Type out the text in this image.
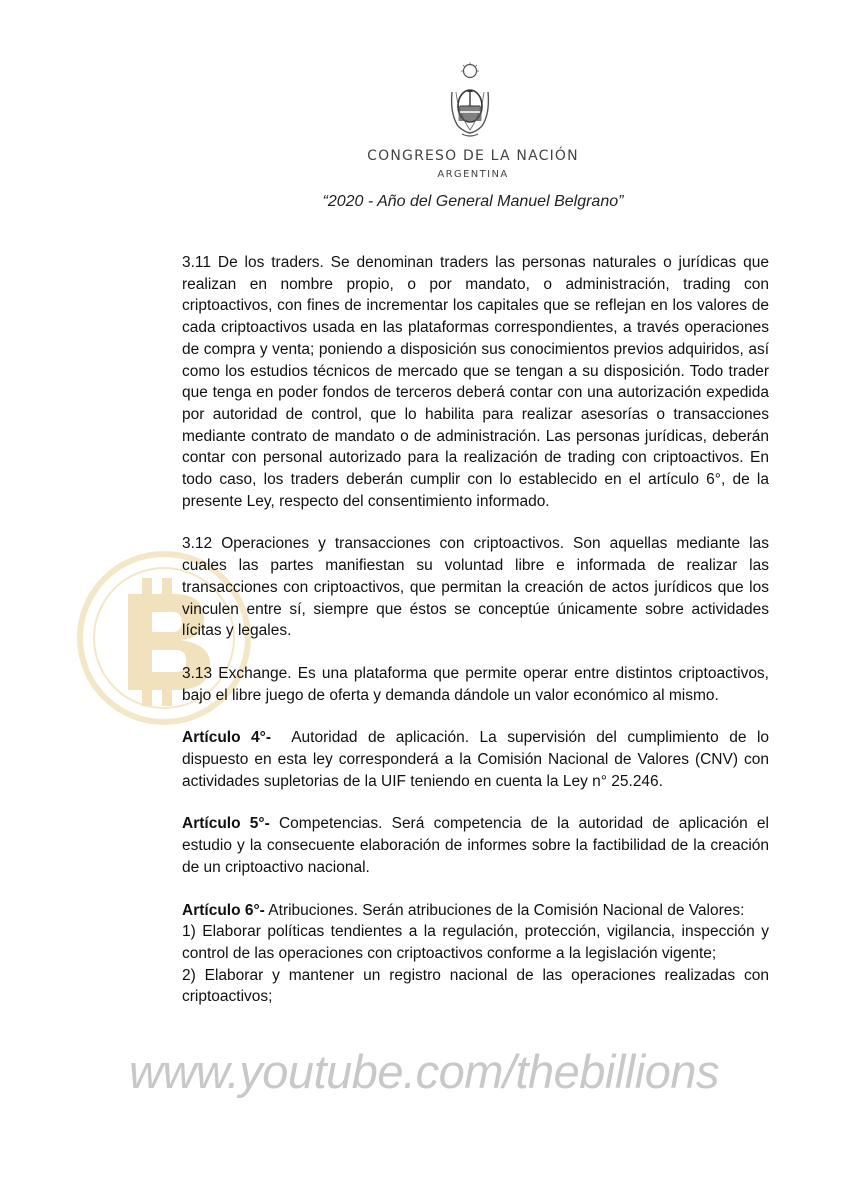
CONGRESO DE LA NACIÓN
ARGENTINA
“2020 - Año del General Manuel Belgrano”

3.11 De los traders. Se denominan traders las personas naturales o jurídicas que realizan en nombre propio, o por mandato, o administración, trading con criptoactivos, con fines de incrementar los capitales que se reflejan en los valores de cada criptoactivos usada en las plataformas correspondientes, a través operaciones de compra y venta; poniendo a disposición sus conocimientos previos adquiridos, así como los estudios técnicos de mercado que se tengan a su disposición. Todo trader que tenga en poder fondos de terceros deberá contar con una autorización expedida por autoridad de control, que lo habilita para realizar asesorías o transacciones mediante contrato de mandato o de administración. Las personas jurídicas, deberán contar con personal autorizado para la realización de trading con criptoactivos. En todo caso, los traders deberán cumplir con lo establecido en el artículo 6°, de la presente Ley, respecto del consentimiento informado.

3.12 Operaciones y transacciones con criptoactivos. Son aquellas mediante las cuales las partes manifiestan su voluntad libre e informada de realizar las transacciones con criptoactivos, que permitan la creación de actos jurídicos que los vinculen entre sí, siempre que éstos se conceptúe únicamente sobre actividades lícitas y legales.

3.13 Exchange. Es una plataforma que permite operar entre distintos criptoactivos, bajo el libre juego de oferta y demanda dándole un valor económico al mismo.

Artículo 4°-  Autoridad de aplicación. La supervisión del cumplimiento de lo dispuesto en esta ley corresponderá a la Comisión Nacional de Valores (CNV) con actividades supletorias de la UIF teniendo en cuenta la Ley n° 25.246.

Artículo 5°- Competencias. Será competencia de la autoridad de aplicación el estudio y la consecuente elaboración de informes sobre la factibilidad de la creación de un criptoactivo nacional.

Artículo 6°- Atribuciones. Serán atribuciones de la Comisión Nacional de Valores:

1) Elaborar políticas tendientes a la regulación, protección, vigilancia, inspección y control de las operaciones con criptoactivos conforme a la legislación vigente;

2) Elaborar y mantener un registro nacional de las operaciones realizadas con criptoactivos;

www.youtube.com/thebillions
